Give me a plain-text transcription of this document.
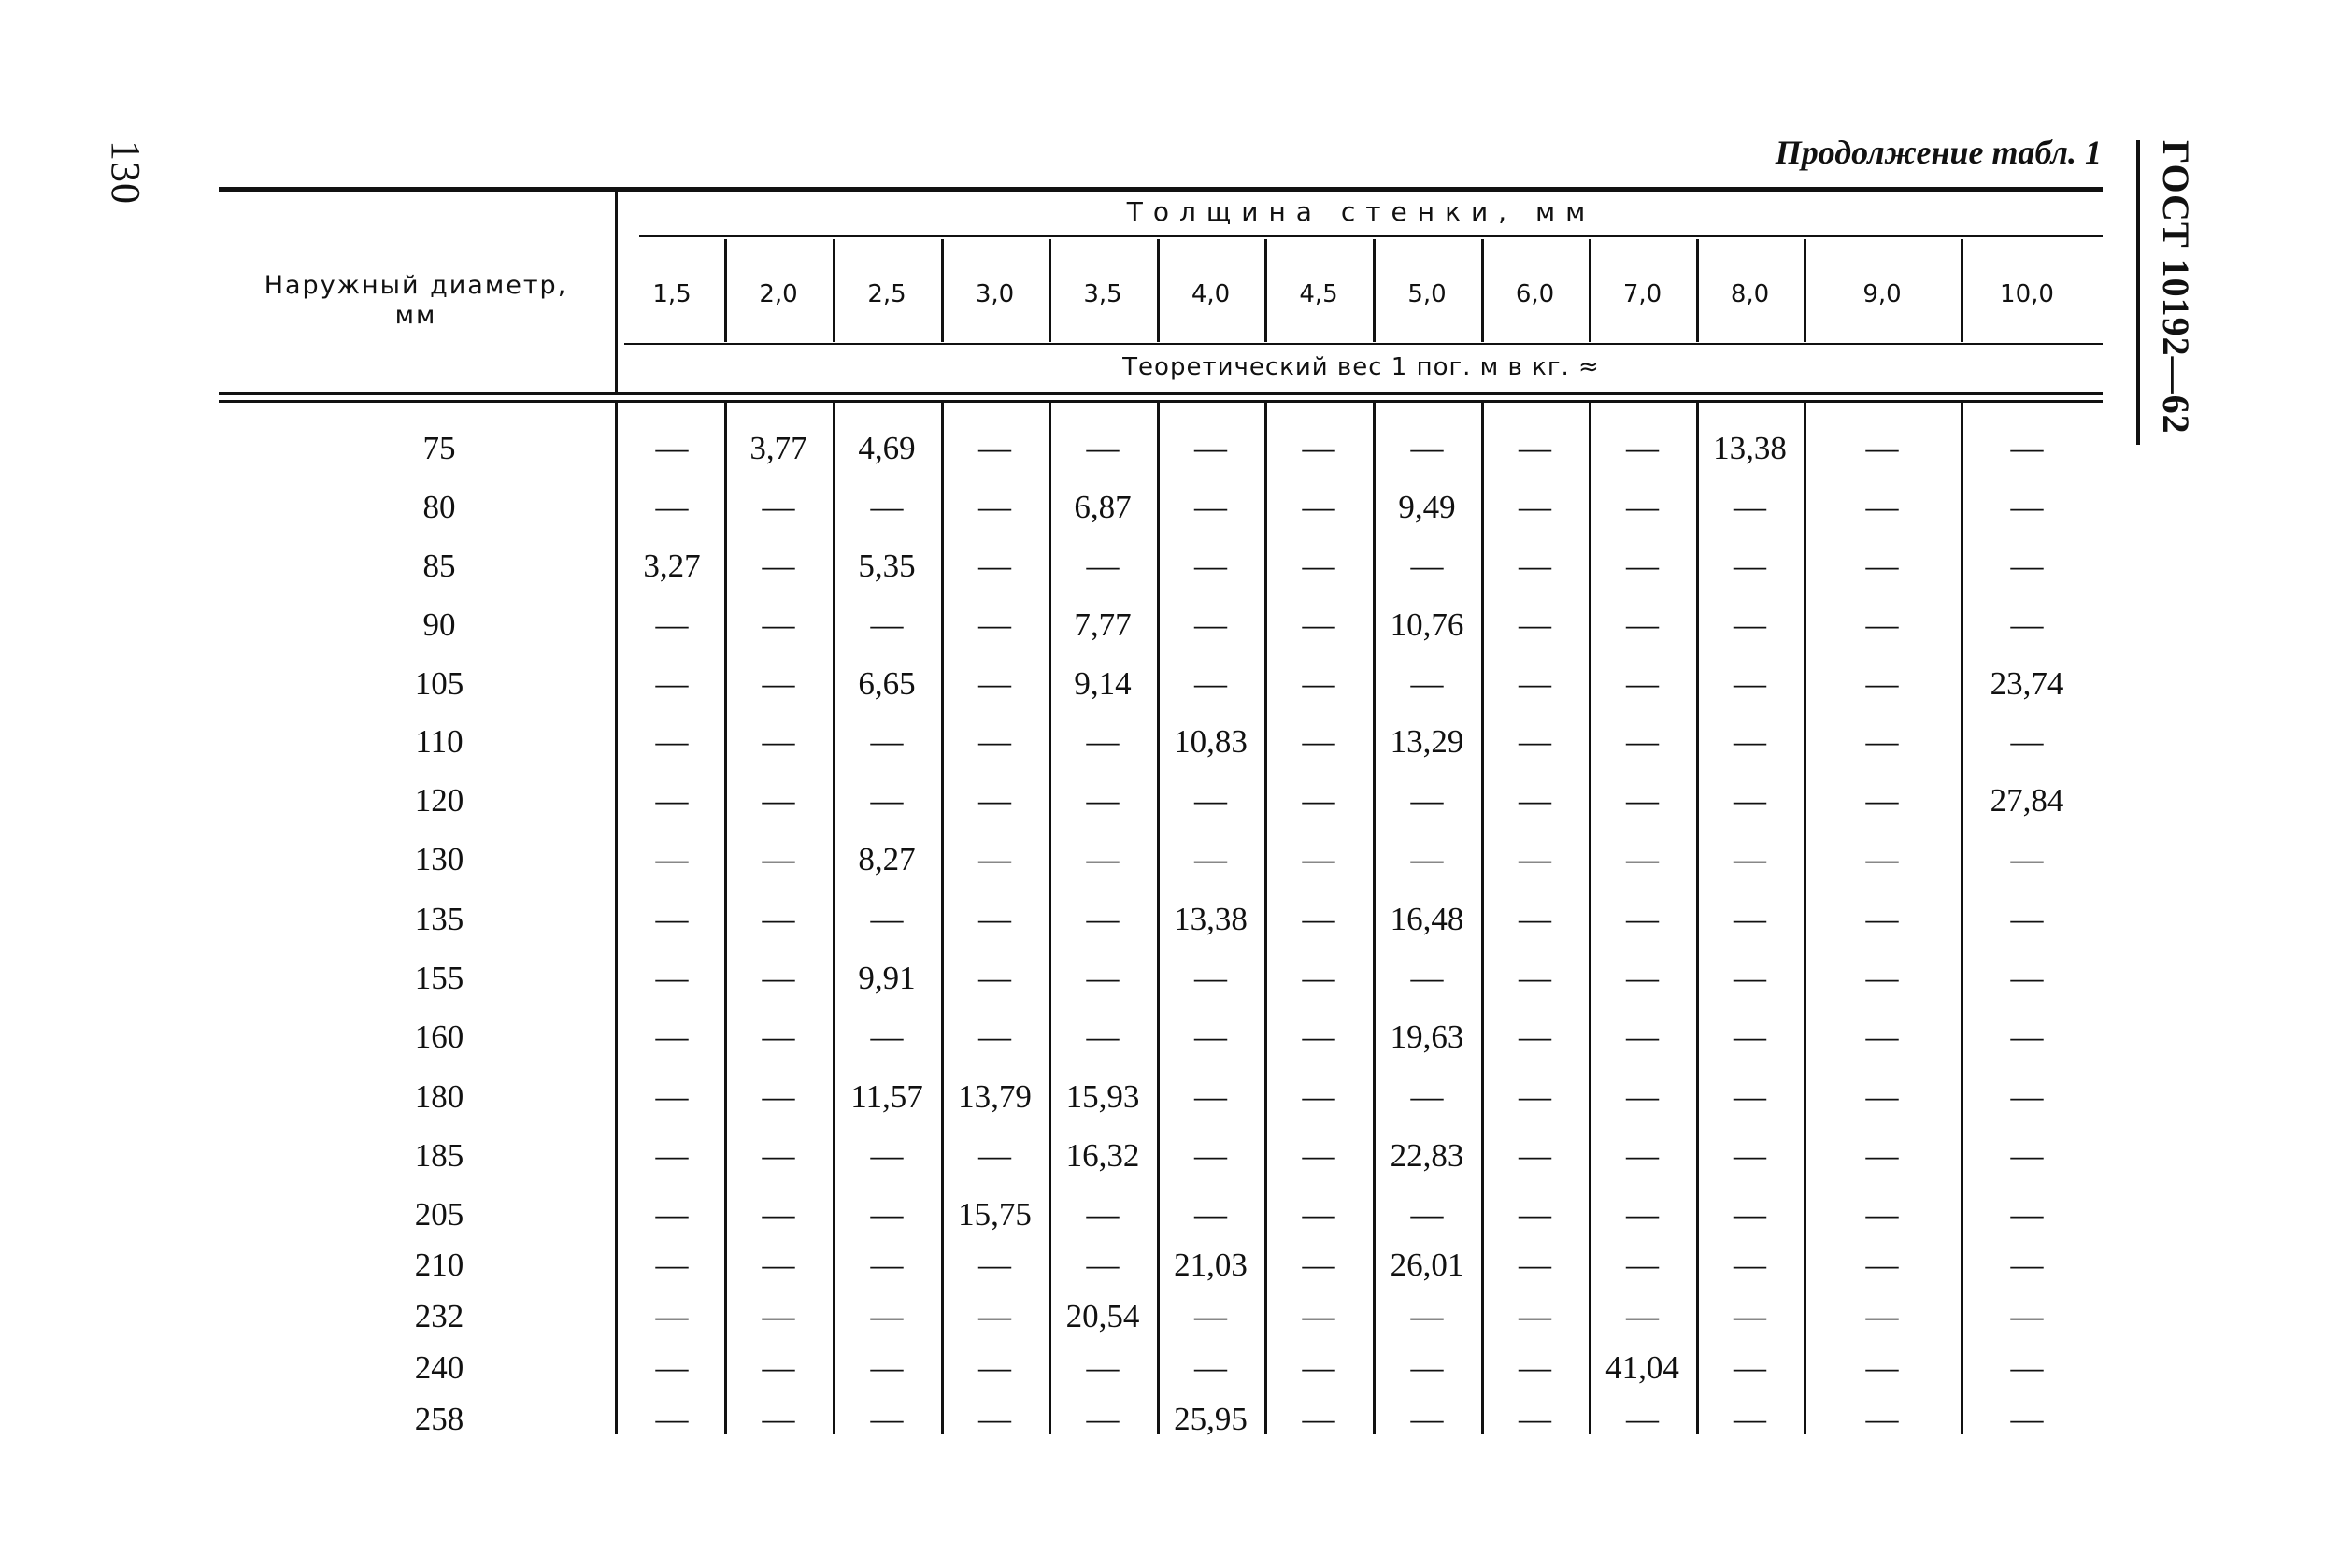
130	ГОСТ 10192—62
Продолжение табл. 1
Толщина стенки, мм
1,5	2,0	2,5	3,0	3,5	4,0	4,5	5,0	6,0	7,0	8,0	9,0	10,0
Теоретический вес 1 пог. м в кг. ≈
Наружный диаметр, мм
75	—	3,77	4,69	—	—	—	—	—	—	—	13,38	—	—
80	—	—	—	—	6,87	—	—	9,49	—	—	—	—	—
85	3,27	—	5,35	—	—	—	—	—	—	—	—	—	—
90	—	—	—	—	7,77	—	—	10,76	—	—	—	—	—
105	—	—	6,65	—	9,14	—	—	—	—	—	—	—	23,74
110	—	—	—	—	—	10,83	—	13,29	—	—	—	—	—
120	—	—	—	—	—	—	—	—	—	—	—	—	27,84
130	—	—	8,27	—	—	—	—	—	—	—	—	—	—
135	—	—	—	—	—	13,38	—	16,48	—	—	—	—	—
155	—	—	9,91	—	—	—	—	—	—	—	—	—	—
160	—	—	—	—	—	—	—	19,63	—	—	—	—	—
180	—	—	11,57	13,79	15,93	—	—	—	—	—	—	—	—
185	—	—	—	—	16,32	—	—	22,83	—	—	—	—	—
205	—	—	—	15,75	—	—	—	—	—	—	—	—	—
210	—	—	—	—	—	21,03	—	26,01	—	—	—	—	—
232	—	—	—	—	20,54	—	—	—	—	—	—	—	—
240	—	—	—	—	—	—	—	—	—	41,04	—	—	—
258	—	—	—	—	—	25,95	—	—	—	—	—	—	—
